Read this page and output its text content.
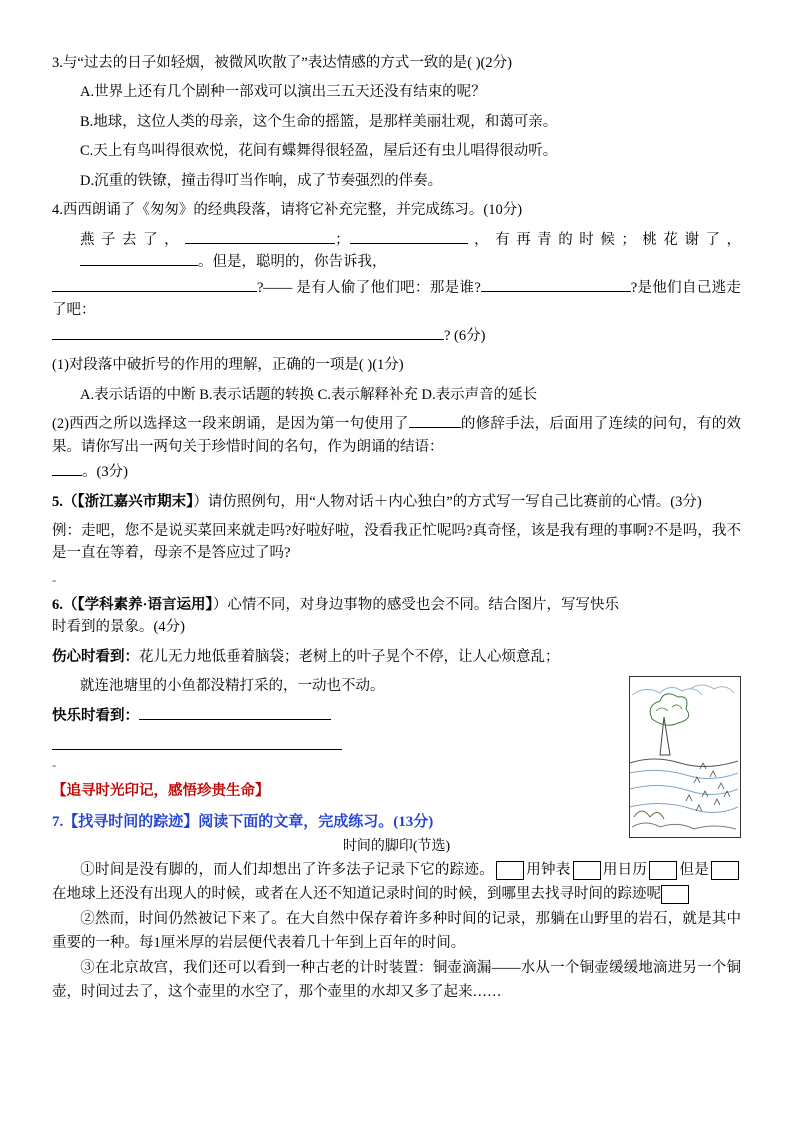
3.与“过去的日子如轻烟，被微风吹散了”表达情感的方式一致的是( )(2分)

A.世界上还有几个剧种一部戏可以演出三五天还没有结束的呢？

B.地球，这位人类的母亲，这个生命的摇篮，是那样美丽壮观，和蔼可亲。

C.天上有鸟叫得很欢悦，花间有蝶舞得很轻盈，屋后还有虫儿唱得很动听。

D.沉重的铁镣，撞击得叮当作响，成了节奏强烈的伴奏。

4.西西朗诵了《匆匆》的经典段落，请将它补充完整，并完成练习。(10分)

燕子去了，	；	，有再青的时候；桃花谢了，。但是，聪明的，你告诉我，

?—— 是有人偷了他们吧：那是谁?	?是他们自己逃走了吧：

? (6分)

(1)对段落中破折号的作用的理解，正确的一项是( )(1分)

A.表示话语的中断 B.表示话题的转换 C.表示解释补充 D.表示声音的延长

(2)西西之所以选择这一段来朗诵，是因为第一句使用了	的修辞手法，后面用了连续的问句，有的效果。请你写出一两句关于珍惜时间的名句，作为朗诵的结语：

。(3分)

5.（【浙江嘉兴市期末】）请仿照例句，用“人物对话＋内心独白”的方式写一写自己比赛前的心情。(3分)

例：走吧，您不是说买菜回来就走吗?好啦好啦，没看我正忙呢吗?真奇怪，该是我有理的事啊?不是吗，我不是一直在等着，母亲不是答应过了吗?

-

6.（【学科素养·语言运用】）心情不同，对身边事物的感受也会不同。结合图片，写写快乐时看到的景象。(4分)

伤心时看到：花儿无力地低垂着脑袋；老树上的叶子晃个不停，让人心烦意乱；

就连池塘里的小鱼都没精打采的，一动也不动。

快乐时看到：

-

【追寻时光印记，感悟珍贵生命】

7.【找寻时间的踪迹】阅读下面的文章，完成练习。(13分)

时间的脚印(节选)

①时间是没有脚的，而人们却想出了许多法子记录下它的踪迹。 用钟表 用日历 但是在地球上还没有出现人的时候，或者在人还不知道记录时间的时候，到哪里去找寻时间的踪迹呢

②然而，时间仍然被记下来了。在大自然中保存着许多种时间的记录，那躺在山野里的岩石，就是其中重要的一种。每1厘米厚的岩层便代表着几十年到上百年的时间。

③在北京故宫，我们还可以看到一种古老的计时装置：铜壶滴漏——水从一个铜壶缓缓地滴进另一个铜壶，时间过去了，这个壶里的水空了，那个壶里的水却又多了起来……
